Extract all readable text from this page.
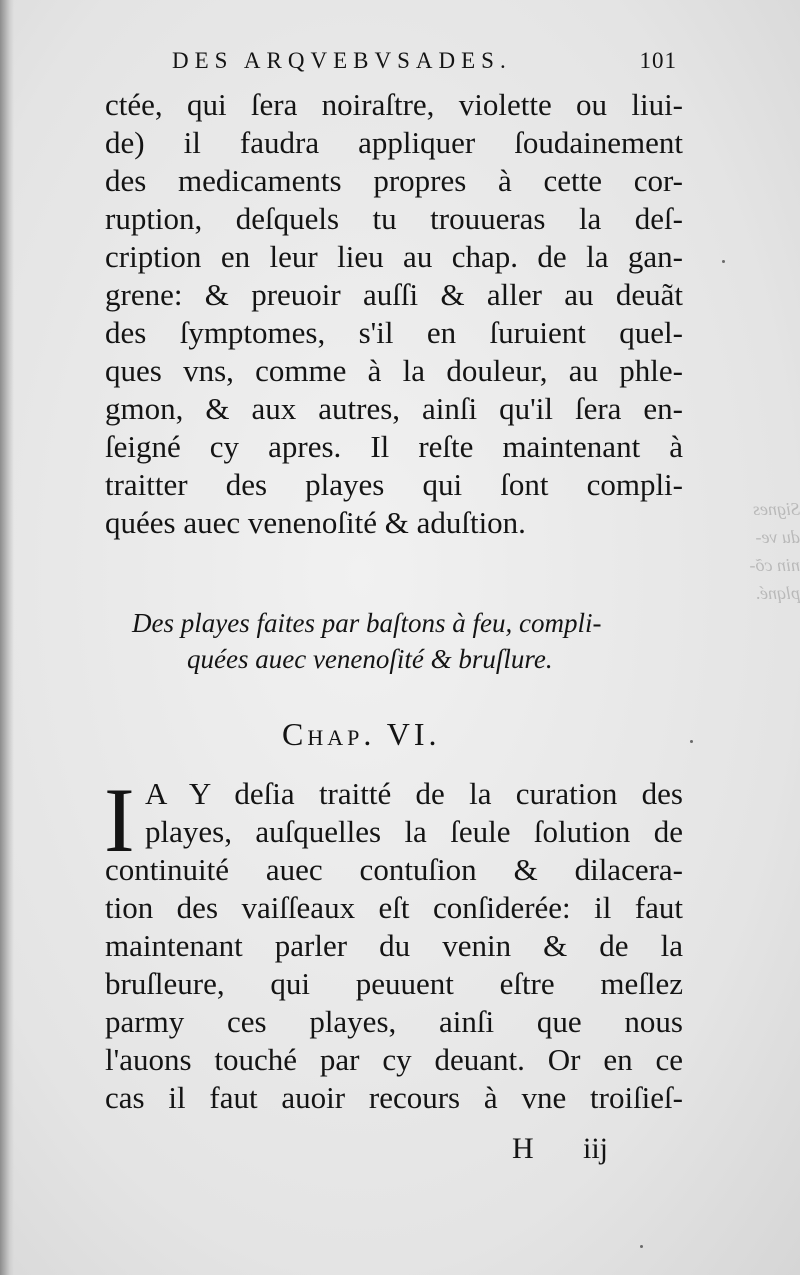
DES ARQVEBVSADES.	101
ctée, qui ſera noiraſtre, violette ou liui-
de) il faudra appliquer ſoudainement
des medicaments propres à cette cor-
ruption, deſquels tu trouueras la deſ-
cription en leur lieu au chap. de la gan-
grene: & preuoir auſſi & aller au deuãt
des ſymptomes, s'il en ſuruient quel-
ques vns, comme à la douleur, au phle-
gmon, & aux autres, ainſi qu'il ſera en-
ſeigné cy apres. Il reſte maintenant à
traitter des playes qui ſont compli-
quées auec venenoſité & aduſtion.
Des playes faites par baſtons à feu, compli-
quées auec venenoſité & bruſlure.
Chap. VI.
I A Y deſia traitté de la curation des
playes, auſquelles la ſeule ſolution de
continuité auec contuſion & dilacera-
tion des vaiſſeaux eſt conſiderée: il faut
maintenant parler du venin & de la
bruſleure, qui peuuent eſtre meſlez
parmy ces playes, ainſi que nous
l'auons touché par cy deuant. Or en ce
cas il faut auoir recours à vne troiſieſ-
H iij
Signes
du ve-
nin cõ-
plqné.
